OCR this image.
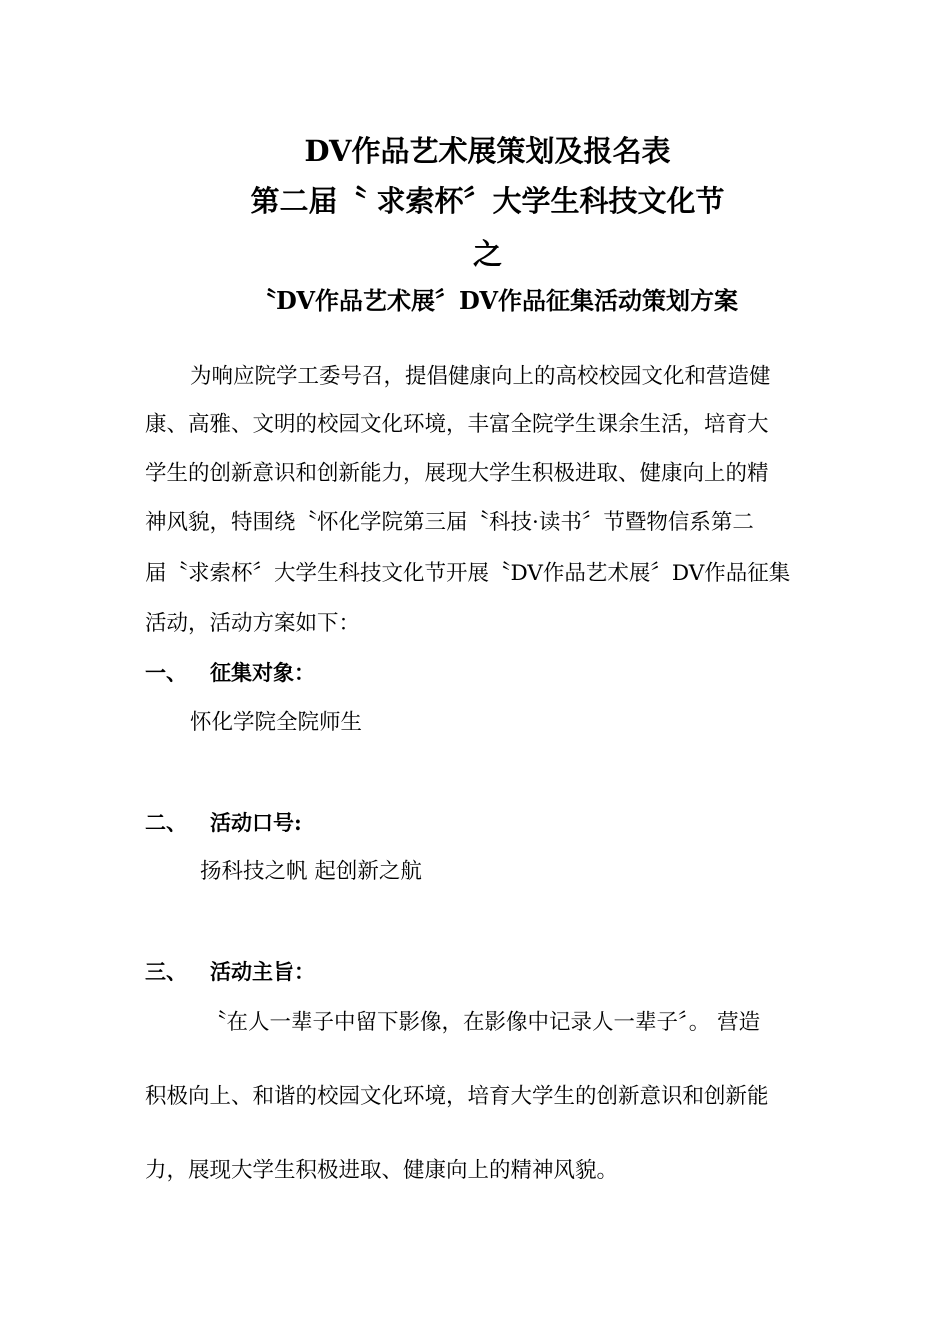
DV作品艺术展策划及报名表
第二届〝 求索杯〞大学生科技文化节
之
〝DV作品艺术展〞DV作品征集活动策划方案
为响应院学工委号召，提倡健康向上的高校校园文化和营造健
康、高雅、文明的校园文化环境，丰富全院学生课余生活，培育大
学生的创新意识和创新能力，展现大学生积极进取、健康向上的精
神风貌，特围绕〝怀化学院第三届〝科技·读书〞节暨物信系第二
届〝求索杯〞大学生科技文化节开展〝DV作品艺术展〞DV作品征集
活动，活动方案如下：
一、 征集对象：
怀化学院全院师生
二、 活动口号:
扬科技之帆 起创新之航
三、 活动主旨：
〝在人一辈子中留下影像，在影像中记录人一辈子〞。 营造
积极向上、和谐的校园文化环境，培育大学生的创新意识和创新能
力，展现大学生积极进取、健康向上的精神风貌。
